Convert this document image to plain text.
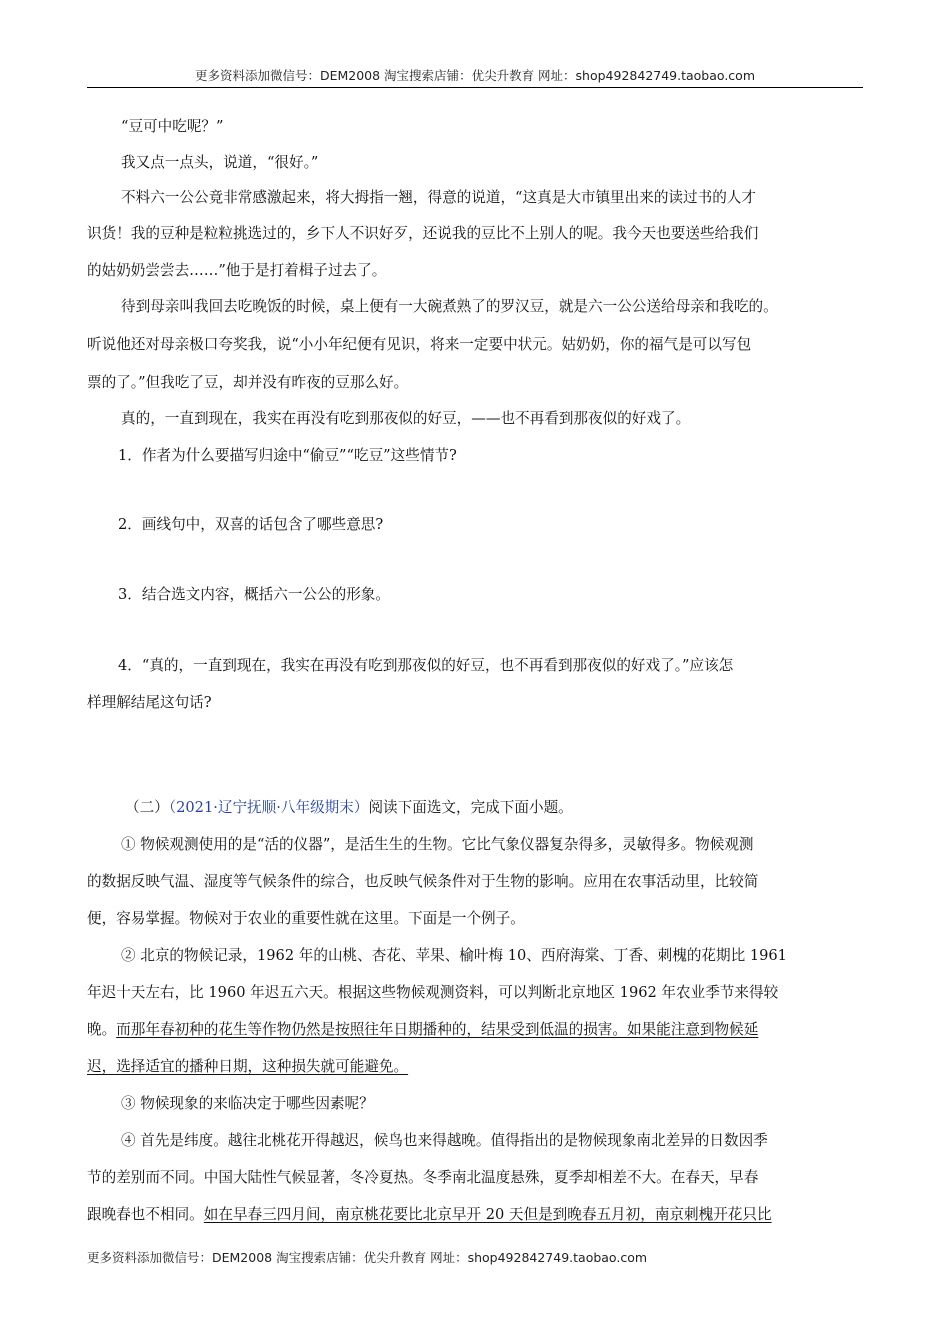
更多资料添加微信号：DEM2008 淘宝搜索店铺：优尖升教育 网址：shop492842749.taobao.com
“豆可中吃呢？”
我又点一点头，说道，“很好。”
不料六一公公竟非常感激起来，将大拇指一翘，得意的说道，“这真是大市镇里出来的读过书的人才
识货！我的豆种是粒粒挑选过的，乡下人不识好歹，还说我的豆比不上别人的呢。我今天也要送些给我们
的姑奶奶尝尝去……”他于是打着楫子过去了。
待到母亲叫我回去吃晚饭的时候，桌上便有一大碗煮熟了的罗汉豆，就是六一公公送给母亲和我吃的。
听说他还对母亲极口夸奖我，说“小小年纪便有见识，将来一定要中状元。姑奶奶，你的福气是可以写包
票的了。”但我吃了豆，却并没有昨夜的豆那么好。
真的，一直到现在，我实在再没有吃到那夜似的好豆，——也不再看到那夜似的好戏了。
1．作者为什么要描写归途中“偷豆”“吃豆”这些情节?
2．画线句中，双喜的话包含了哪些意思?
3．结合选文内容，概括六一公公的形象。
4．“真的，一直到现在，我实在再没有吃到那夜似的好豆，也不再看到那夜似的好戏了。”应该怎
样理解结尾这句话?
（二）（2021·辽宁抚顺·八年级期末）阅读下面选文，完成下面小题。
① 物候观测使用的是“活的仪器”，是活生生的生物。它比气象仪器复杂得多，灵敏得多。物候观测
的数据反映气温、湿度等气候条件的综合，也反映气候条件对于生物的影响。应用在农事活动里，比较简
便，容易掌握。物候对于农业的重要性就在这里。下面是一个例子。
② 北京的物候记录，1962 年的山桃、杏花、苹果、榆叶梅 10、西府海棠、丁香、刺槐的花期比 1961
年迟十天左右，比 1960 年迟五六天。根据这些物候观测资料，可以判断北京地区 1962 年农业季节来得较
晚。而那年春初种的花生等作物仍然是按照往年日期播种的，结果受到低温的损害。如果能注意到物候延
迟，选择适宜的播种日期，这种损失就可能避免。
③ 物候现象的来临决定于哪些因素呢？
④ 首先是纬度。越往北桃花开得越迟，候鸟也来得越晚。值得指出的是物候现象南北差异的日数因季
节的差别而不同。中国大陆性气候显著，冬冷夏热。冬季南北温度悬殊，夏季却相差不大。在春天，早春
跟晚春也不相同。如在早春三四月间，南京桃花要比北京早开 20 天但是到晚春五月初，南京刺槐开花只比
更多资料添加微信号：DEM2008 淘宝搜索店铺：优尖升教育 网址：shop492842749.taobao.com
